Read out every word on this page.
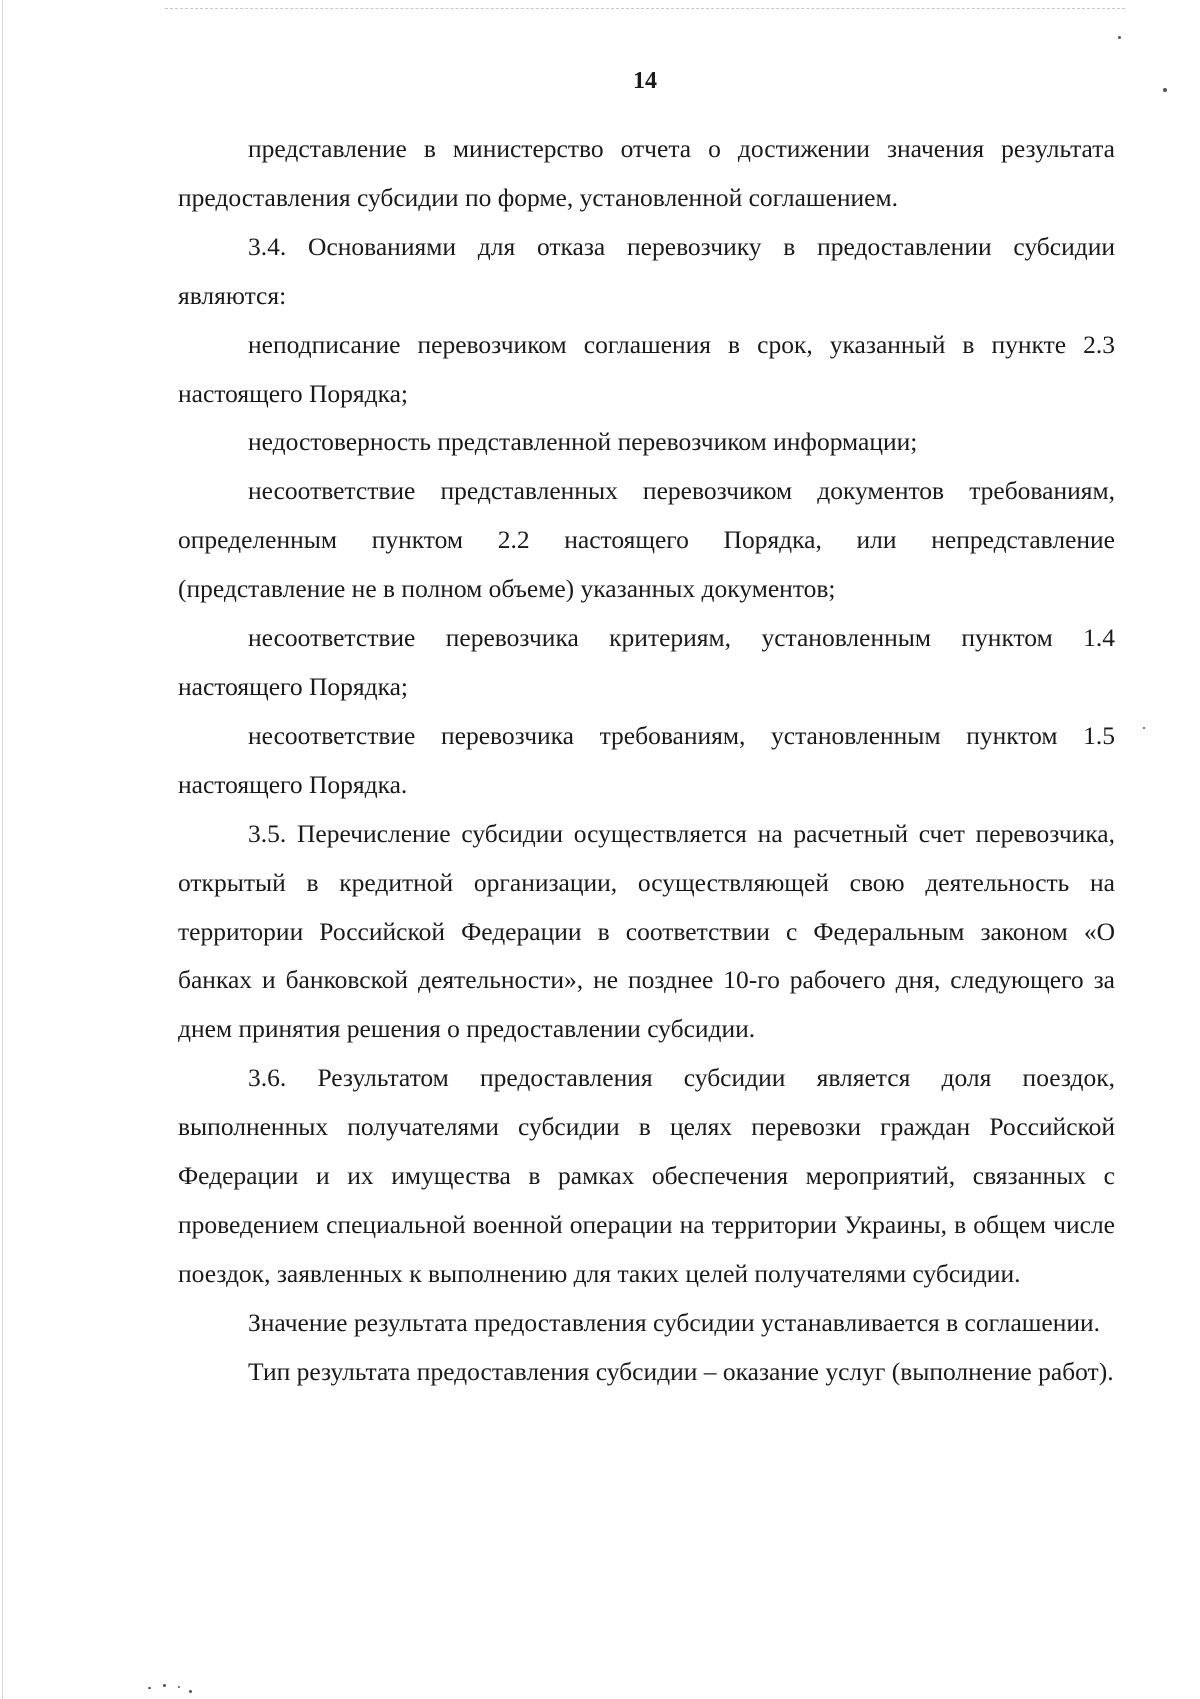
14

представление в министерство отчета о достижении значения результата предоставления субсидии по форме, установленной соглашением.

3.4. Основаниями для отказа перевозчику в предоставлении субсидии являются:

неподписание перевозчиком соглашения в срок, указанный в пункте 2.3 настоящего Порядка;

недостоверность представленной перевозчиком информации;

несоответствие представленных перевозчиком документов требованиям, определенным пунктом 2.2 настоящего Порядка, или непредставление (представление не в полном объеме) указанных документов;

несоответствие перевозчика критериям, установленным пунктом 1.4 настоящего Порядка;

несоответствие перевозчика требованиям, установленным пунктом 1.5 настоящего Порядка.

3.5. Перечисление субсидии осуществляется на расчетный счет перевозчика, открытый в кредитной организации, осуществляющей свою деятельность на территории Российской Федерации в соответствии с Федеральным законом «О банках и банковской деятельности», не позднее 10-го рабочего дня, следующего за днем принятия решения о предоставлении субсидии.

3.6. Результатом предоставления субсидии является доля поездок, выполненных получателями субсидии в целях перевозки граждан Российской Федерации и их имущества в рамках обеспечения мероприятий, связанных с проведением специальной военной операции на территории Украины, в общем числе поездок, заявленных к выполнению для таких целей получателями субсидии.

Значение результата предоставления субсидии устанавливается в соглашении.

Тип результата предоставления субсидии – оказание услуг (выполнение работ).
